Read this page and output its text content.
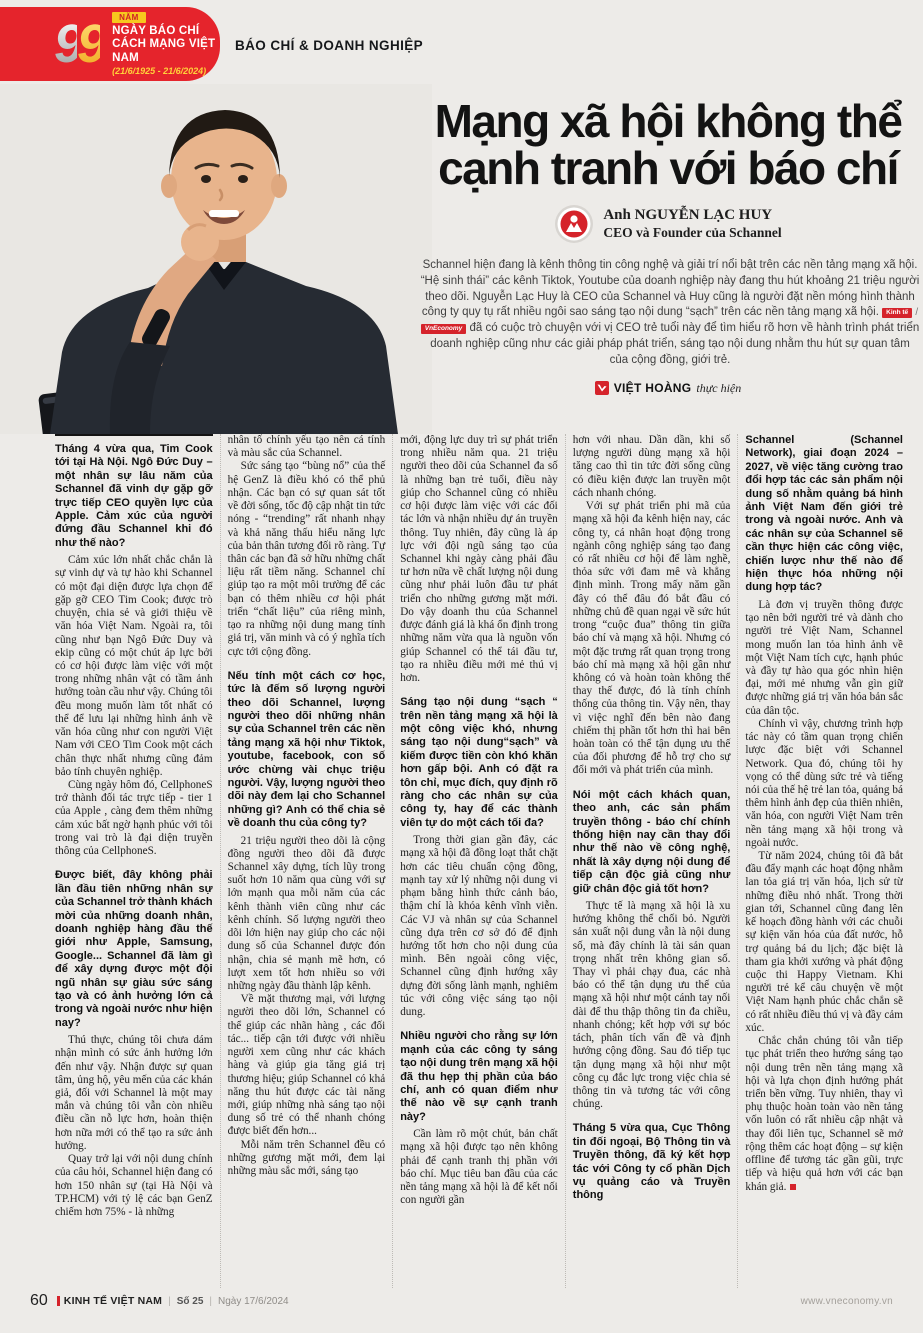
99	NĂM
NGÀY BÁO CHÍ
CÁCH MẠNG VIỆT NAM
(21/6/1925 - 21/6/2024)
BÁO CHÍ & DOANH NGHIỆP
Mạng xã hội không thể
cạnh tranh với báo chí
Anh NGUYỄN LẠC HUY
CEO và Founder của Schannel

Schannel hiện đang là kênh thông tin công nghệ và giải trí nổi bật trên các nền tảng mạng xã hội. “Hệ sinh thái” các kênh Tiktok, Youtube của doanh nghiệp này đang thu hút khoảng 21 triệu người theo dõi. Nguyễn Lạc Huy là CEO của Schannel và Huy cũng là người đặt nền móng hình thành công ty quy tụ rất nhiều ngôi sao sáng tạo nội dung “sạch” trên các nền tảng mạng xã hội. Kinh tế / VnEconomy đã có cuộc trò chuyện với vị CEO trẻ tuổi này để tìm hiểu rõ hơn về hành trình phát triển doanh nghiệp cũng như các giải pháp phát triển, sáng tạo nội dung nhằm thu hút sự quan tâm của cộng đồng, giới trẻ.

VIỆT HOÀNG thực hiện

Tháng 4 vừa qua, Tim Cook tới tại Hà Nội. Ngô Đức Duy – một nhân sự lâu năm của Schannel đã vinh dự gặp gỡ trực tiếp CEO quyền lực của Apple. Cảm xúc của người đứng đầu Schannel khi đó như thế nào?

Cảm xúc lớn nhất chắc chắn là sự vinh dự và tự hào khi Schannel có một đại diện được lựa chọn để gặp gỡ CEO Tim Cook; được trò chuyện, chia sẻ và giới thiệu về văn hóa Việt Nam. Ngoài ra, tôi cũng như bạn Ngô Đức Duy và ekip cũng có một chút áp lực bởi có cơ hội được làm việc với một trong những nhân vật có tầm ảnh hưởng toàn cầu như vậy. Chúng tôi đều mong muốn làm tốt nhất có thể để lưu lại những hình ảnh về văn hóa cũng như con người Việt Nam với CEO Tim Cook một cách chân thực nhất nhưng cũng đảm bảo tính chuyên nghiệp.

Cùng ngày hôm đó, CellphoneS trở thành đối tác trực tiếp - tier 1 của Apple , càng đem thêm những cảm xúc bất ngờ hạnh phúc với tôi trong vai trò là đại diện truyền thông của CellphoneS.

Được biết, đây không phải lần đầu tiên những nhân sự của Schannel trở thành khách mời của những doanh nhân, doanh nghiệp hàng đầu thế giới như Apple, Samsung, Google... Schannel đã làm gì để xây dựng được một đội ngũ nhân sự giàu sức sáng tạo và có ảnh hưởng lớn cả trong và ngoài nước như hiện nay?

Thú thực, chúng tôi chưa dám nhận mình có sức ảnh hưởng lớn đến như vậy. Nhận được sự quan tâm, ủng hộ, yêu mến của các khán giả, đối với Schannel là một may mắn và chúng tôi vẫn còn nhiều điều cần nỗ lực hơn, hoàn thiện hơn nữa mới có thể tạo ra sức ảnh hưởng.

Quay trở lại với nội dung chính của câu hỏi, Schannel hiện đang có hơn 150 nhân sự (tại Hà Nội và TP.HCM) với tỷ lệ các bạn GenZ chiếm hơn 75% - là những

nhân tố chính yếu tạo nên cá tính và màu sắc của Schannel.

Sức sáng tạo “bùng nổ” của thế hệ GenZ là điều khó có thể phủ nhận. Các bạn có sự quan sát tốt về đời sống, tốc độ cập nhật tin tức nóng - “trending” rất nhanh nhạy và khả năng thấu hiểu năng lực của bản thân tương đối rõ ràng. Tự thân các bạn đã sở hữu những chất liệu rất tiềm năng. Schannel chỉ giúp tạo ra một môi trường để các bạn có thêm nhiều cơ hội phát triển “chất liệu” của riêng mình, tạo ra những nội dung mang tính giá trị, văn minh và có ý nghĩa tích cực tới cộng đồng.

Nếu tính một cách cơ học, tức là đếm số lượng người theo dõi Schannel, lượng người theo dõi những nhân sự của Schannel trên các nền tảng mạng xã hội như Tiktok, youtube, facebook, con số ước chừng vài chục triệu người. Vậy, lượng người theo dõi này đem lại cho Schannel những gì? Anh có thể chia sẻ về doanh thu của công ty?

21 triệu người theo dõi là cộng đồng người theo dõi đã được Schannel xây dựng, tích lũy trong suốt hơn 10 năm qua cùng với sự lớn mạnh qua mỗi năm của các kênh thành viên cũng như các kênh chính. Số lượng người theo dõi lớn hiện nay giúp cho các nội dung số của Schannel được đón nhận, chia sẻ mạnh mẽ hơn, có lượt xem tốt hơn nhiều so với những ngày đầu thành lập kênh.

Về mặt thương mại, với lượng người theo dõi lớn, Schannel có thể giúp các nhãn hàng , các đối tác... tiếp cận tới được với nhiều người xem cũng như các khách hàng và giúp gia tăng giá trị thương hiệu; giúp Schannel có khả năng thu hút được các tài năng mới, giúp những nhà sáng tạo nội dung số trẻ có thể nhanh chóng được biết đến hơn...

Mỗi năm trên Schannel đều có những gương mặt mới, đem lại những màu sắc mới, sáng tạo

mới, động lực duy trì sự phát triển trong nhiều năm qua. 21 triệu người theo dõi của Schannel đa số là những bạn trẻ tuổi, điều này giúp cho Schannel cũng có nhiều cơ hội được làm việc với các đối tác lớn và nhận nhiều dự án truyền thông. Tuy nhiên, đây cũng là áp lực với đội ngũ sáng tạo của Schannel khi ngày càng phải đầu tư hơn nữa về chất lượng nội dung cũng như phải luôn đầu tư phát triển cho những gương mặt mới. Do vậy doanh thu của Schannel được đánh giá là khá ổn định trong những năm vừa qua là nguồn vốn giúp Schannel có thể tái đầu tư, tạo ra nhiều điều mới mẻ thú vị hơn.

Sáng tạo nội dung “sạch “ trên nền tảng mạng xã hội là một công việc khó, nhưng sáng tạo nội dung“sạch” và kiếm được tiền còn khó khăn hơn gấp bội. Anh có đặt ra tôn chỉ, mục đích, quy định rõ ràng cho các nhân sự của công ty, hay để các thành viên tự do một cách tối đa?

Trong thời gian gần đây, các mạng xã hội đã đồng loạt thắt chặt hơn các tiêu chuẩn cộng đồng, mạnh tay xử lý những nội dung vi phạm bằng hình thức cảnh báo, thậm chí là khóa kênh vĩnh viễn. Các VJ và nhân sự của Schannel cũng dựa trên cơ sở đó để định hướng tốt hơn cho nội dung của mình. Bên ngoài công việc, Schannel cũng định hướng xây dựng đời sống lành mạnh, nghiêm túc với công việc sáng tạo nội dung.

Nhiều người cho rằng sự lớn mạnh của các công ty sáng tạo nội dung trên mạng xã hội đã thu hẹp thị phần của báo chí, anh có quan điểm như thế nào về sự cạnh tranh này?

Cần làm rõ một chút, bản chất mạng xã hội được tạo nên không phải để cạnh tranh thị phần với báo chí. Mục tiêu ban đầu của các nền tảng mạng xã hội là để kết nối con người gần

hơn với nhau. Dần dần, khi số lượng người dùng mạng xã hội tăng cao thì tin tức đời sống cũng có điều kiện được lan truyền một cách nhanh chóng.

Với sự phát triển phi mã của mạng xã hội đa kênh hiện nay, các công ty, cá nhân hoạt động trong ngành công nghiệp sáng tạo đang có rất nhiều cơ hội để làm nghề, thỏa sức với đam mê và khẳng định mình. Trong mấy năm gần đây có thể đâu đó bắt đầu có những chủ đề quan ngại về sức hút trong “cuộc đua” thông tin giữa báo chí và mạng xã hội. Nhưng có một đặc trưng rất quan trọng trong báo chí mà mạng xã hội gần như không có và hoàn toàn không thể thay thế được, đó là tính chính thống của thông tin. Vậy nên, thay vì việc nghĩ đến bên nào đang chiếm thị phần tốt hơn thì hai bên hoàn toàn có thể tận dụng ưu thế của đối phương để hỗ trợ cho sự đổi mới và phát triển của mình.

Nói một cách khách quan, theo anh, các sản phẩm truyền thông - báo chí chính thống hiện nay cần thay đổi như thế nào về công nghệ, nhất là xây dựng nội dung để tiếp cận độc giả cũng như giữ chân độc giả tốt hơn?

Thực tế là mạng xã hội là xu hướng không thể chối bỏ. Người sản xuất nội dung vẫn là nội dung số, mà đây chính là tài sản quan trọng nhất trên không gian số. Thay vì phải chạy đua, các nhà báo có thể tận dụng ưu thế của mạng xã hội như một cánh tay nối dài để thu thập thông tin đa chiều, nhanh chóng; kết hợp với sự bóc tách, phân tích vấn đề và định hướng cộng đồng. Sau đó tiếp tục tận dụng mạng xã hội như một công cụ đắc lực trong việc chia sẻ thông tin và tương tác với công chúng.

Tháng 5 vừa qua, Cục Thông tin đối ngoại, Bộ Thông tin và Truyền thông, đã ký kết hợp tác với Công ty cổ phần Dịch vụ quảng cáo và Truyền thông

Schannel (Schannel Network), giai đoạn 2024 – 2027, về việc tăng cường trao đổi hợp tác các sản phẩm nội dung số nhằm quảng bá hình ảnh Việt Nam đến giới trẻ trong và ngoài nước. Anh và các nhân sự của Schannel sẽ cần thực hiện các công việc, chiến lược như thế nào để hiện thực hóa những nội dung hợp tác?

Là đơn vị truyền thông được tạo nên bởi người trẻ và dành cho người trẻ Việt Nam, Schannel mong muốn lan tỏa hình ảnh về một Việt Nam tích cực, hạnh phúc và đầy tự hào qua góc nhìn hiện đại, mới mẻ nhưng vẫn gìn giữ được những giá trị văn hóa bản sắc của dân tộc.

Chính vì vậy, chương trình hợp tác này có tầm quan trọng chiến lược đặc biệt với Schannel Network. Qua đó, chúng tôi hy vọng có thể dùng sức trẻ và tiếng nói của thế hệ trẻ lan tỏa, quảng bá thêm hình ảnh đẹp của thiên nhiên, văn hóa, con người Việt Nam trên nền tảng mạng xã hội trong và ngoài nước.

Từ năm 2024, chúng tôi đã bắt đầu đẩy mạnh các hoạt động nhằm lan tỏa giá trị văn hóa, lịch sử từ những điều nhỏ nhất. Trong thời gian tới, Schannel cũng đang lên kế hoạch đồng hành với các chuỗi sự kiện văn hóa của đất nước, hỗ trợ quảng bá du lịch; đặc biệt là tham gia khởi xướng và phát động cuộc thi Happy Vietnam. Khi người trẻ kể câu chuyện về một Việt Nam hạnh phúc chắc chắn sẽ có rất nhiều điều thú vị và đầy cảm xúc.

Chắc chắn chúng tôi vẫn tiếp tục phát triển theo hướng sáng tạo nội dung trên nền tảng mạng xã hội và lựa chọn định hướng phát triển bền vững. Tuy nhiên, thay vì phụ thuộc hoàn toàn vào nền tảng vốn luôn có rất nhiều cập nhật và thay đổi liên tục, Schannel sẽ mở rộng thêm các hoạt động – sự kiện offline để tương tác gần gũi, trực tiếp và hiệu quả hơn với các bạn khán giả.

60 KINH TẾ VIỆT NAM | Số 25 | Ngày 17/6/2024	www.vneconomy.vn
